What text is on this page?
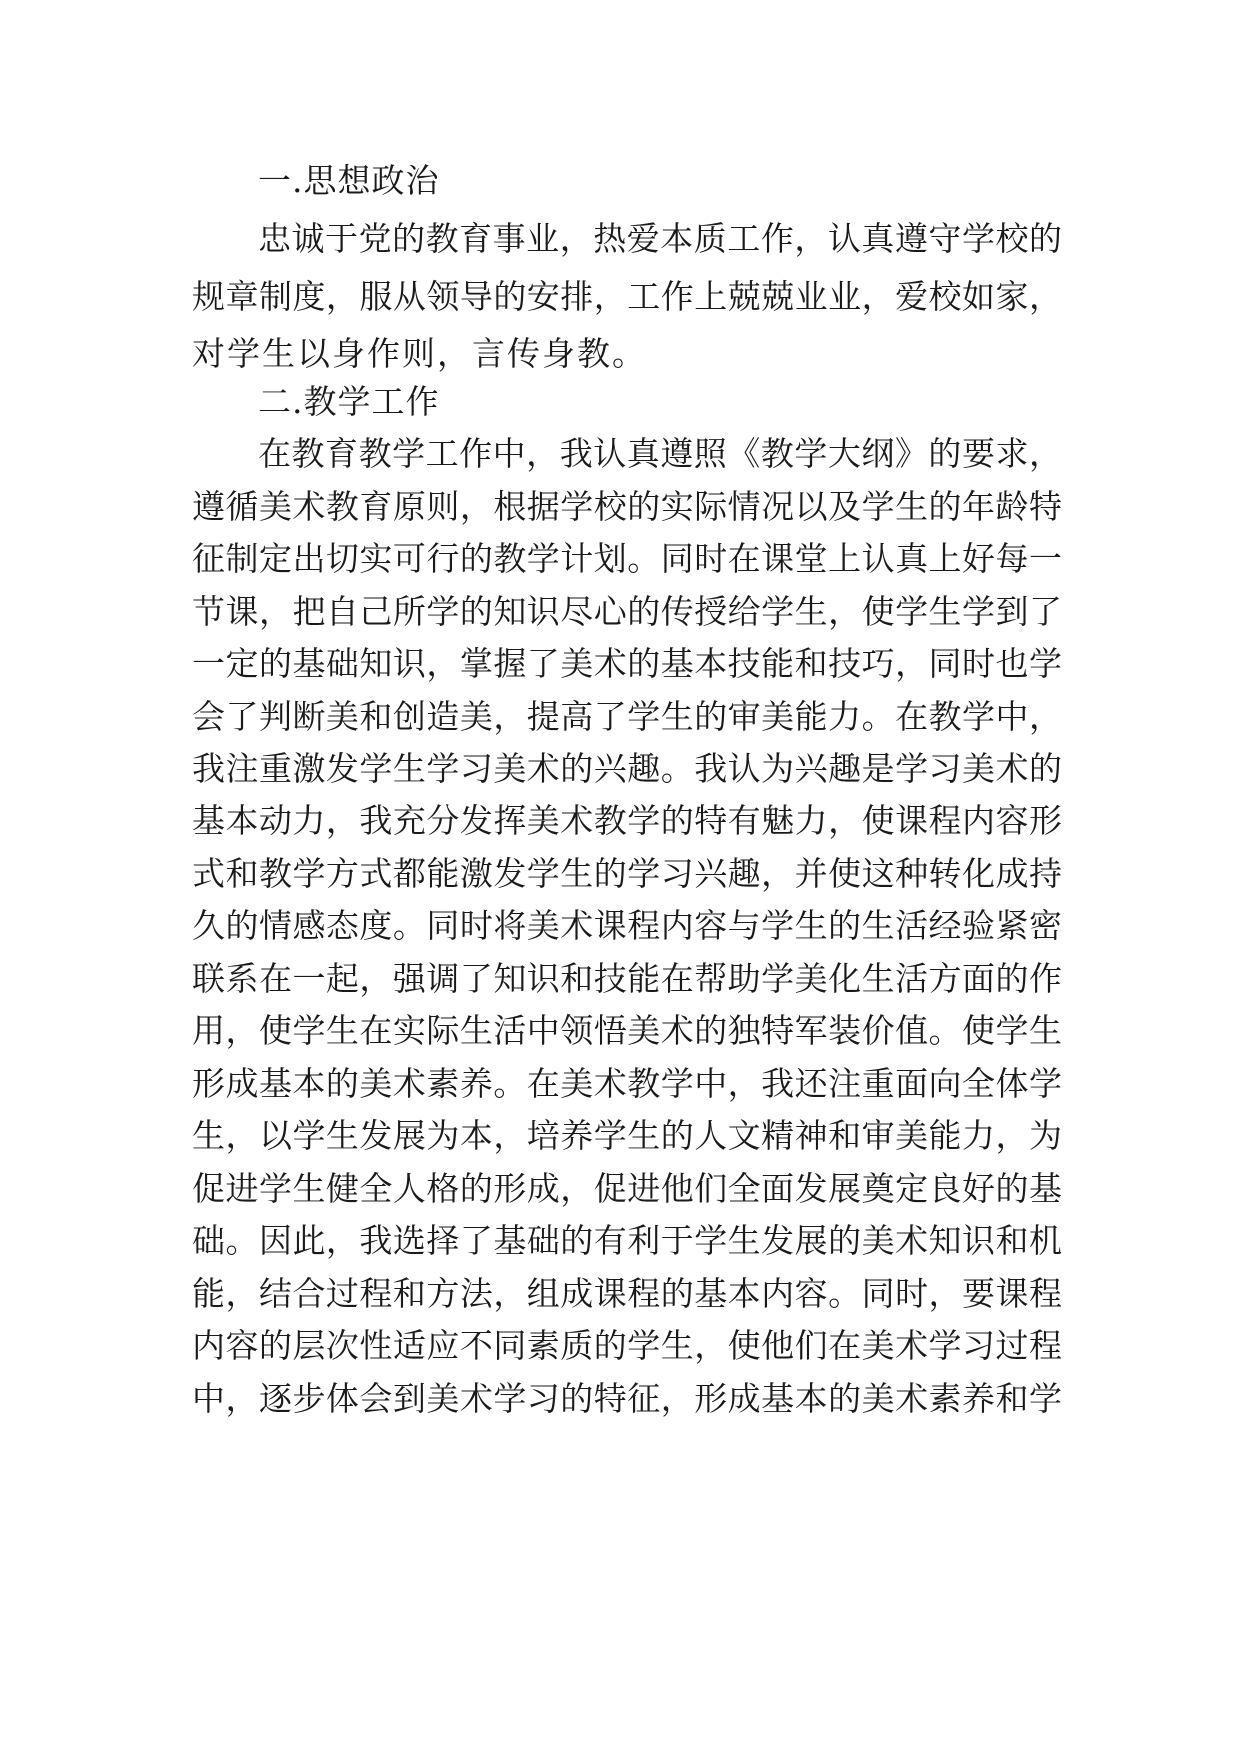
一.思想政治
忠诚于党的教育事业，热爱本质工作，认真遵守学校的
规章制度，服从领导的安排，工作上兢兢业业，爱校如家，
对学生以身作则，言传身教。
二.教学工作
在教育教学工作中，我认真遵照《教学大纲》的要求，
遵循美术教育原则，根据学校的实际情况以及学生的年龄特
征制定出切实可行的教学计划。同时在课堂上认真上好每一
节课，把自己所学的知识尽心的传授给学生，使学生学到了
一定的基础知识，掌握了美术的基本技能和技巧，同时也学
会了判断美和创造美，提高了学生的审美能力。在教学中，
我注重激发学生学习美术的兴趣。我认为兴趣是学习美术的
基本动力，我充分发挥美术教学的特有魅力，使课程内容形
式和教学方式都能激发学生的学习兴趣，并使这种转化成持
久的情感态度。同时将美术课程内容与学生的生活经验紧密
联系在一起，强调了知识和技能在帮助学美化生活方面的作
用，使学生在实际生活中领悟美术的独特军装价值。使学生
形成基本的美术素养。在美术教学中，我还注重面向全体学
生，以学生发展为本，培养学生的人文精神和审美能力，为
促进学生健全人格的形成，促进他们全面发展奠定良好的基
础。因此，我选择了基础的有利于学生发展的美术知识和机
能，结合过程和方法，组成课程的基本内容。同时，要课程
内容的层次性适应不同素质的学生，使他们在美术学习过程
中，逐步体会到美术学习的特征，形成基本的美术素养和学
